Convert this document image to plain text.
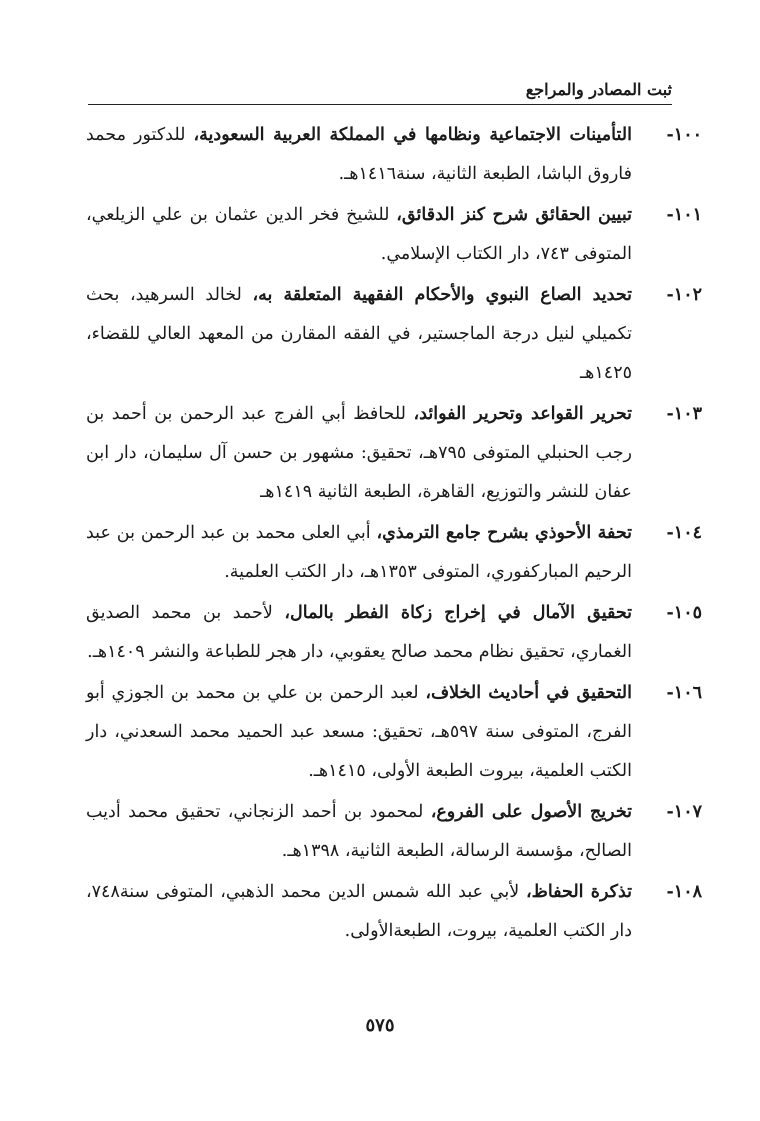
ثبت المصادر والمراجع
١٠٠-
التأمينات الاجتماعية ونظامها في المملكة العربية السعودية، للدكتور محمد فاروق الباشا، الطبعة الثانية، سنة١٤١٦هـ.
١٠١-
تبيين الحقائق شرح كنز الدقائق، للشيخ فخر الدين عثمان بن علي الزيلعي، المتوفى ٧٤٣، دار الكتاب الإسلامي.
١٠٢-
تحديد الصاع النبوي والأحكام الفقهية المتعلقة به، لخالد السرهيد، بحث تكميلي لنيل درجة الماجستير، في الفقه المقارن من المعهد العالي للقضاء، ١٤٢٥هـ
١٠٣-
تحرير القواعد وتحرير الفوائد، للحافظ أبي الفرج عبد الرحمن بن أحمد بن رجب الحنبلي المتوفى ٧٩٥هـ، تحقيق: مشهور بن حسن آل سليمان، دار ابن عفان للنشر والتوزيع، القاهرة، الطبعة الثانية ١٤١٩هـ
١٠٤-
تحفة الأحوذي بشرح جامع الترمذي، أبي العلى محمد بن عبد الرحمن بن عبد الرحيم المباركفوري، المتوفى ١٣٥٣هـ، دار الكتب العلمية.
١٠٥-
تحقيق الآمال في إخراج زكاة الفطر بالمال، لأحمد بن محمد الصديق الغماري، تحقيق نظام محمد صالح يعقوبي، دار هجر للطباعة والنشر ١٤٠٩هـ.
١٠٦-
التحقيق في أحاديث الخلاف، لعبد الرحمن بن علي بن محمد بن الجوزي أبو الفرج، المتوفى سنة ٥٩٧هـ، تحقيق: مسعد عبد الحميد محمد السعدني، دار الكتب العلمية، بيروت الطبعة الأولى، ١٤١٥هـ.
١٠٧-
تخريج الأصول على الفروع، لمحمود بن أحمد الزنجاني، تحقيق محمد أديب الصالح، مؤسسة الرسالة، الطبعة الثانية، ١٣٩٨هـ.
١٠٨-
تذكرة الحفاظ، لأبي عبد الله شمس الدين محمد الذهبي، المتوفى سنة٧٤٨، دار الكتب العلمية، بيروت، الطبعةالأولى.
٥٧٥
